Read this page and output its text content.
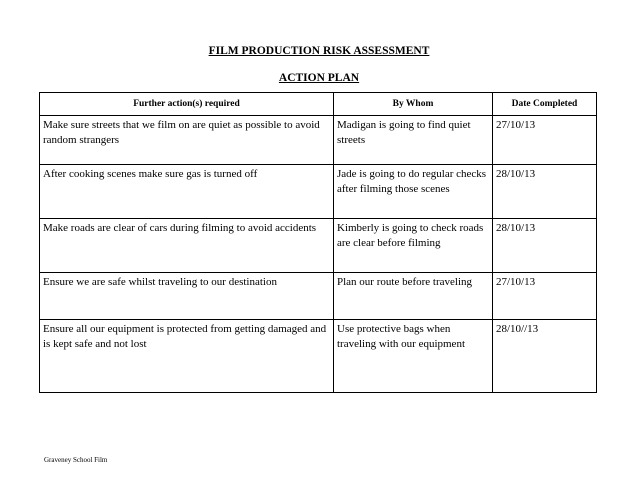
FILM PRODUCTION RISK ASSESSMENT
ACTION PLAN
Further action(s) required	By Whom	Date Completed
Make sure streets that we film on are quiet as possible to avoid random strangers	Madigan is going to find quiet streets	27/10/13
After cooking scenes make sure gas is turned off	Jade is going to do regular checks after filming those scenes	28/10/13
Make roads are clear of cars during filming to avoid accidents	Kimberly is going to check roads are clear before filming	28/10/13
Ensure we are safe whilst traveling to our destination	Plan our route before traveling	27/10/13
Ensure all our equipment is protected from getting damaged and is kept safe and not lost	Use protective bags when traveling with our equipment	28/10//13
Graveney School Film
